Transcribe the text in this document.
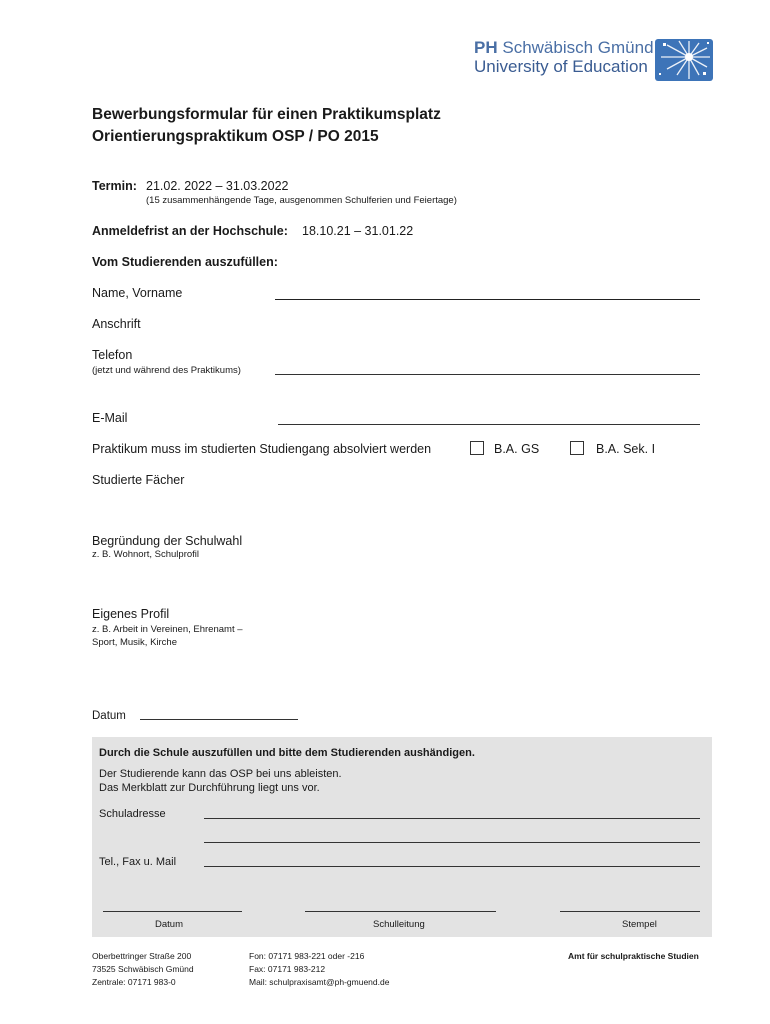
PH Schwäbisch Gmünd
University of Education
Bewerbungsformular für einen Praktikumsplatz
Orientierungspraktikum OSP / PO 2015
Termin: 21.02. 2022 – 31.03.2022
(15 zusammenhängende Tage, ausgenommen Schulferien und Feiertage)
Anmeldefrist an der Hochschule: 18.10.21 – 31.01.22
Vom Studierenden auszufüllen:
Name, Vorname
Anschrift
Telefon
(jetzt und während des Praktikums)
E-Mail
Praktikum muss im studierten Studiengang absolviert werden	B.A. GS	B.A. Sek. I
Studierte Fächer
Begründung der Schulwahl
z. B. Wohnort, Schulprofil
Eigenes Profil
z. B. Arbeit in Vereinen, Ehrenamt –
Sport, Musik, Kirche
Datum
Durch die Schule auszufüllen und bitte dem Studierenden aushändigen.
Der Studierende kann das OSP bei uns ableisten.
Das Merkblatt zur Durchführung liegt uns vor.
Schuladresse
Tel., Fax u. Mail
Datum	Schulleitung	Stempel
Oberbettringer Straße 200
73525 Schwäbisch Gmünd
Zentrale: 07171 983-0
Fon: 07171 983-221 oder -216
Fax: 07171 983-212
Mail: schulpraxisamt@ph-gmuend.de
Amt für schulpraktische Studien
